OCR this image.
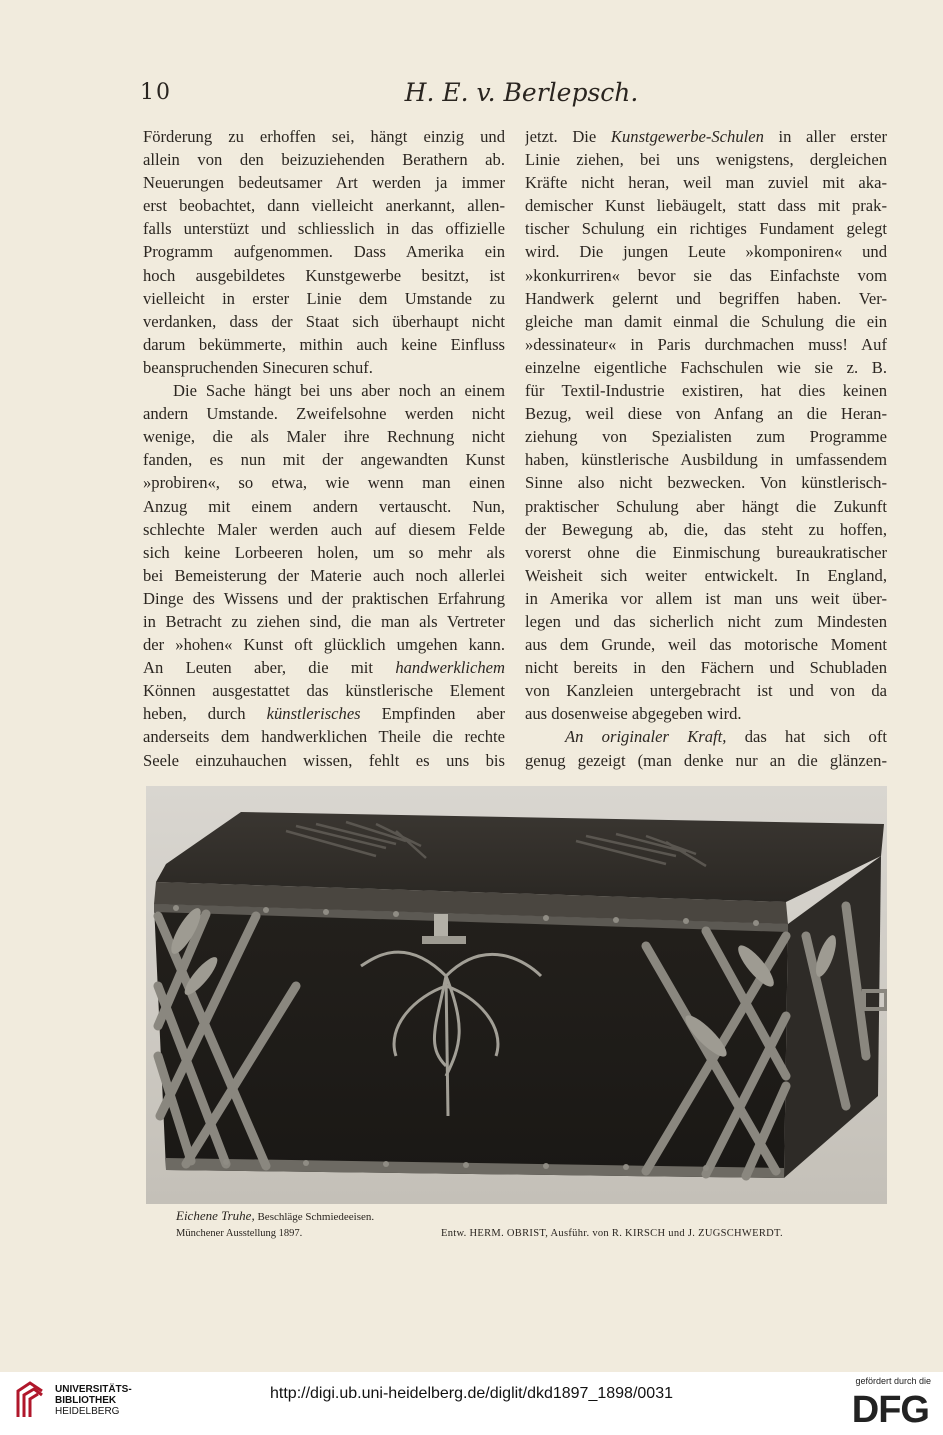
10	H. E. v. Berlepsch.
Förderung zu erhoffen sei, hängt einzig und
allein von den beizuziehenden Berathern ab.
Neuerungen bedeutsamer Art werden ja immer
erst beobachtet, dann vielleicht anerkannt, allen-
falls unterstüzt und schliesslich in das offizielle
Programm aufgenommen. Dass Amerika ein
hoch ausgebildetes Kunstgewerbe besitzt, ist
vielleicht in erster Linie dem Umstande zu
verdanken, dass der Staat sich überhaupt nicht
darum bekümmerte, mithin auch keine Einfluss
beanspruchenden Sinecuren schuf.
Die Sache hängt bei uns aber noch an einem
andern Umstande. Zweifelsohne werden nicht
wenige, die als Maler ihre Rechnung nicht
fanden, es nun mit der angewandten Kunst
»probiren«, so etwa, wie wenn man einen
Anzug mit einem andern vertauscht. Nun,
schlechte Maler werden auch auf diesem Felde
sich keine Lorbeeren holen, um so mehr als
bei Bemeisterung der Materie auch noch allerlei
Dinge des Wissens und der praktischen Erfahrung
in Betracht zu ziehen sind, die man als Vertreter
der »hohen« Kunst oft glücklich umgehen kann.
An Leuten aber, die mit handwerklichem
Können ausgestattet das künstlerische Element
heben, durch künstlerisches Empfinden aber
anderseits dem handwerklichen Theile die rechte
Seele einzuhauchen wissen, fehlt es uns bis
jetzt. Die Kunstgewerbe-Schulen in aller erster
Linie ziehen, bei uns wenigstens, dergleichen
Kräfte nicht heran, weil man zuviel mit aka-
demischer Kunst liebäugelt, statt dass mit prak-
tischer Schulung ein richtiges Fundament gelegt
wird. Die jungen Leute »komponiren« und
»konkurriren« bevor sie das Einfachste vom
Handwerk gelernt und begriffen haben. Ver-
gleiche man damit einmal die Schulung die ein
»dessinateur« in Paris durchmachen muss! Auf
einzelne eigentliche Fachschulen wie sie z. B.
für Textil-Industrie existiren, hat dies keinen
Bezug, weil diese von Anfang an die Heran-
ziehung von Spezialisten zum Programme
haben, künstlerische Ausbildung in umfassendem
Sinne also nicht bezwecken. Von künstlerisch-
praktischer Schulung aber hängt die Zukunft
der Bewegung ab, die, das steht zu hoffen,
vorerst ohne die Einmischung bureaukratischer
Weisheit sich weiter entwickelt. In England,
in Amerika vor allem ist man uns weit über-
legen und das sicherlich nicht zum Mindesten
aus dem Grunde, weil das motorische Moment
nicht bereits in den Fächern und Schubladen
von Kanzleien untergebracht ist und von da
aus dosenweise abgegeben wird.
An originaler Kraft, das hat sich oft
genug gezeigt (man denke nur an die glänzen-
Eichene Truhe, Beschläge Schmiedeeisen.
Münchener Ausstellung 1897.	Entw. HERM. OBRIST, Ausführ. von R. KIRSCH und J. ZUGSCHWERDT.
UNIVERSITÄTS-
BIBLIOTHEK
HEIDELBERG
http://digi.ub.uni-heidelberg.de/diglit/dkd1897_1898/0031
gefördert durch die
DFG
